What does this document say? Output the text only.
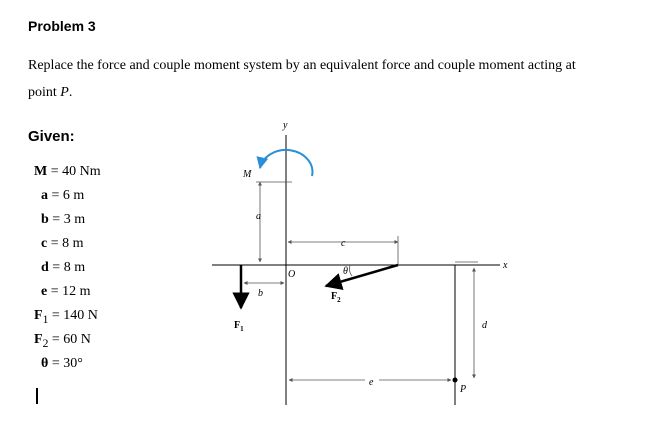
Problem 3
Replace the force and couple moment system by an equivalent force and couple moment acting at
point P.
Given:
M = 40 Nm
a = 6 m
b = 3 m
c = 8 m
d = 8 m
e = 12 m
$F_1 = 140$ N
$F_2 = 60$ N
θ = 30°
y
x
M
a
c
$F_1$
b
O	θ
$F_2$
d
P
e
